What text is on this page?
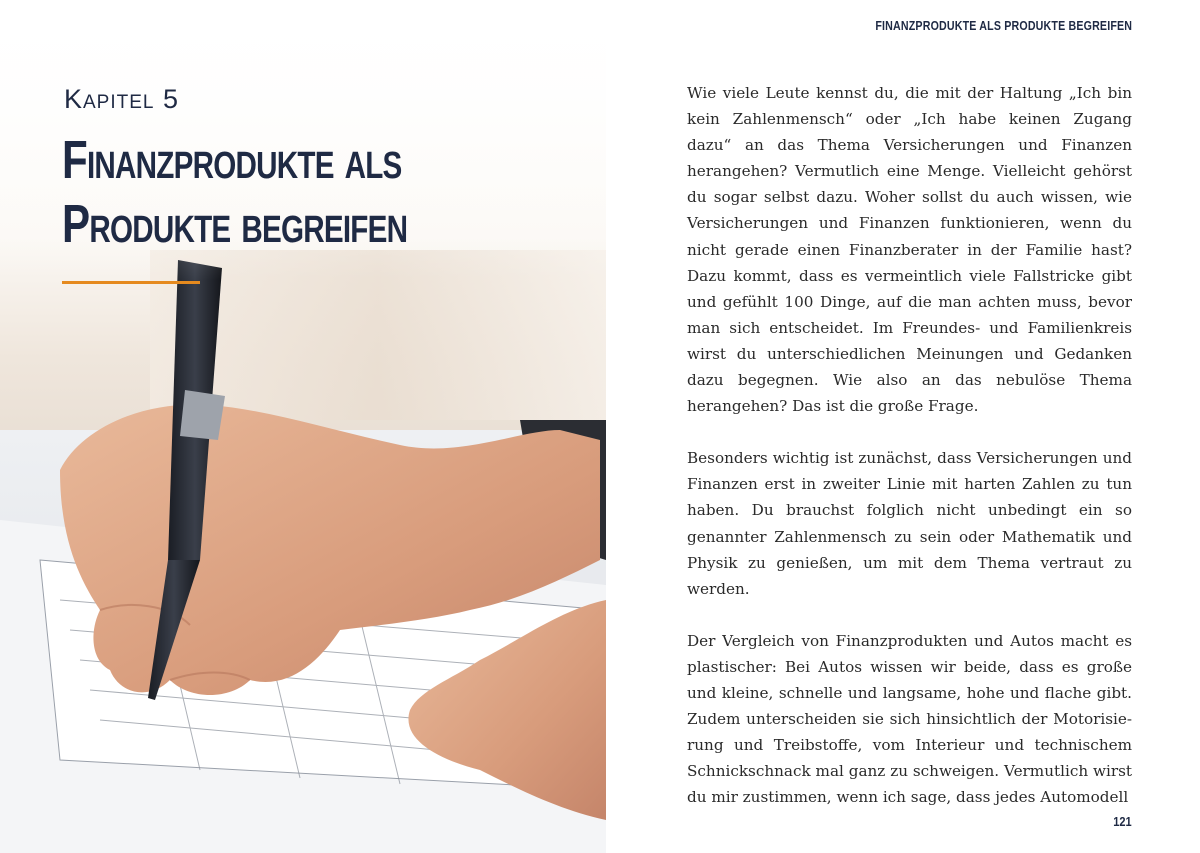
Kapitel 5
Finanzprodukte als
Produkte begreifen
FINANZPRODUKTE ALS PRODUKTE BEGREIFEN

Wie viele Leute kennst du, die mit der Haltung „Ich bin kein Zahlenmensch“ oder „Ich habe keinen Zugang dazu“ an das Thema Versicherungen und Finanzen herangehen? Vermutlich eine Menge. Vielleicht gehörst du sogar selbst dazu. Woher sollst du auch wissen, wie Versicherungen und Finanzen funktionieren, wenn du nicht gerade einen Finanzberater in der Familie hast? Dazu kommt, dass es vermeintlich viele Fallstricke gibt und gefühlt 100 Dinge, auf die man achten muss, bevor man sich entscheidet. Im Freundes- und Familienkreis wirst du unterschiedlichen Meinungen und Gedanken dazu begegnen. Wie also an das nebulöse Thema herangehen? Das ist die große Frage.

Besonders wichtig ist zunächst, dass Versicherungen und Finanzen erst in zweiter Linie mit harten Zahlen zu tun haben. Du brauchst folglich nicht unbedingt ein so genannter Zahlenmensch zu sein oder Mathematik und Physik zu genießen, um mit dem Thema vertraut zu werden.

Der Vergleich von Finanzprodukten und Autos macht es plastischer: Bei Autos wissen wir beide, dass es große und kleine, schnelle und langsame, hohe und flache gibt. Zudem unterscheiden sie sich hinsichtlich der Motorisierung und Treibstoffe, vom Interieur und technischem Schnickschnack mal ganz zu schweigen. Vermutlich wirst du mir zustimmen, wenn ich sage, dass jedes Automodell

121
